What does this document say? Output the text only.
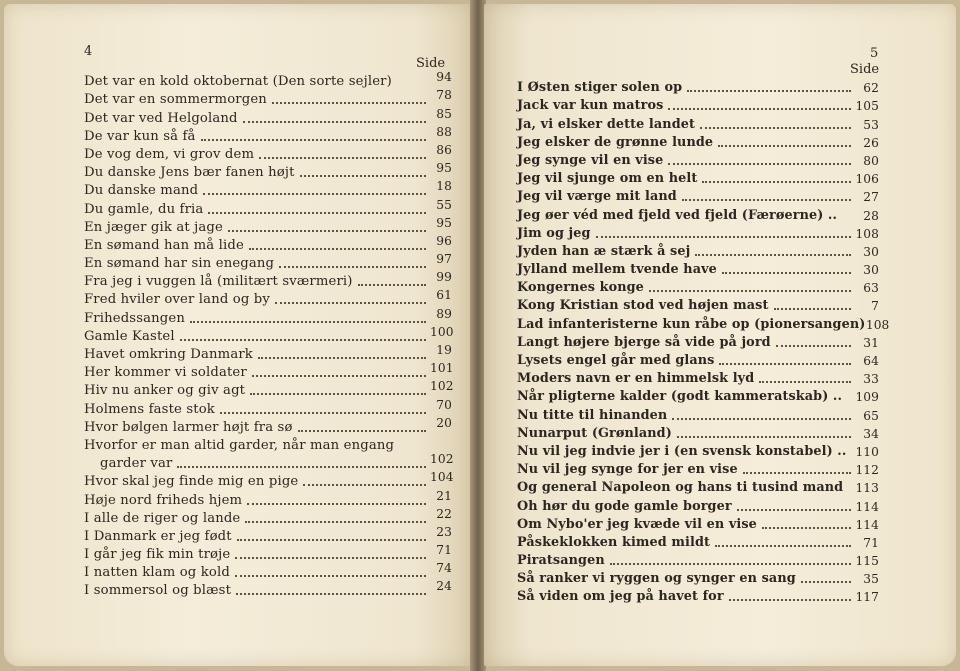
4
Side
Det var en kold oktobernat (Den sorte sejler)	94
Det var en sommermorgen	78
Det var ved Helgoland	85
De var kun så få	88
De vog dem, vi grov dem	86
Du danske Jens bær fanen højt	95
Du danske mand	18
Du gamle, du fria	55
En jæger gik at jage	95
En sømand han må lide	96
En sømand har sin enegang	97
Fra jeg i vuggen lå (militært sværmeri)	99
Fred hviler over land og by	61
Frihedssangen	89
Gamle Kastel	100
Havet omkring Danmark	19
Her kommer vi soldater	101
Hiv nu anker og giv agt	102
Holmens faste stok	70
Hvor bølgen larmer højt fra sø	20
Hvorfor er man altid garder, når man engang
garder var	102
Hvor skal jeg finde mig en pige	104
Høje nord friheds hjem	21
I alle de riger og lande	22
I Danmark er jeg født	23
I går jeg fik min trøje	71
I natten klam og kold	74
I sommersol og blæst	24
5
Side
I Østen stiger solen op	62
Jack var kun matros	105
Ja, vi elsker dette landet	53
Jeg elsker de grønne lunde	26
Jeg synge vil en vise	80
Jeg vil sjunge om en helt	106
Jeg vil værge mit land	27
Jeg øer véd med fjeld ved fjeld (Færøerne) ..	28
Jim og jeg	108
Jyden han æ stærk å sej	30
Jylland mellem tvende have	30
Kongernes konge	63
Kong Kristian stod ved højen mast	7
Lad infanteristerne kun råbe op (pionersangen) 108
Langt højere bjerge så vide på jord	31
Lysets engel går med glans	64
Moders navn er en himmelsk lyd	33
Når pligterne kalder (godt kammeratskab) ..	109
Nu titte til hinanden	65
Nunarput (Grønland)	34
Nu vil jeg indvie jer i (en svensk konstabel) .. 110
Nu vil jeg synge for jer en vise	112
Og general Napoleon og hans ti tusind mand	113
Oh hør du gode gamle borger	114
Om Nybo'er jeg kvæde vil en vise	114
Påskeklokken kimed mildt	71
Piratsangen	115
Så ranker vi ryggen og synger en sang	35
Så viden om jeg på havet for	117
